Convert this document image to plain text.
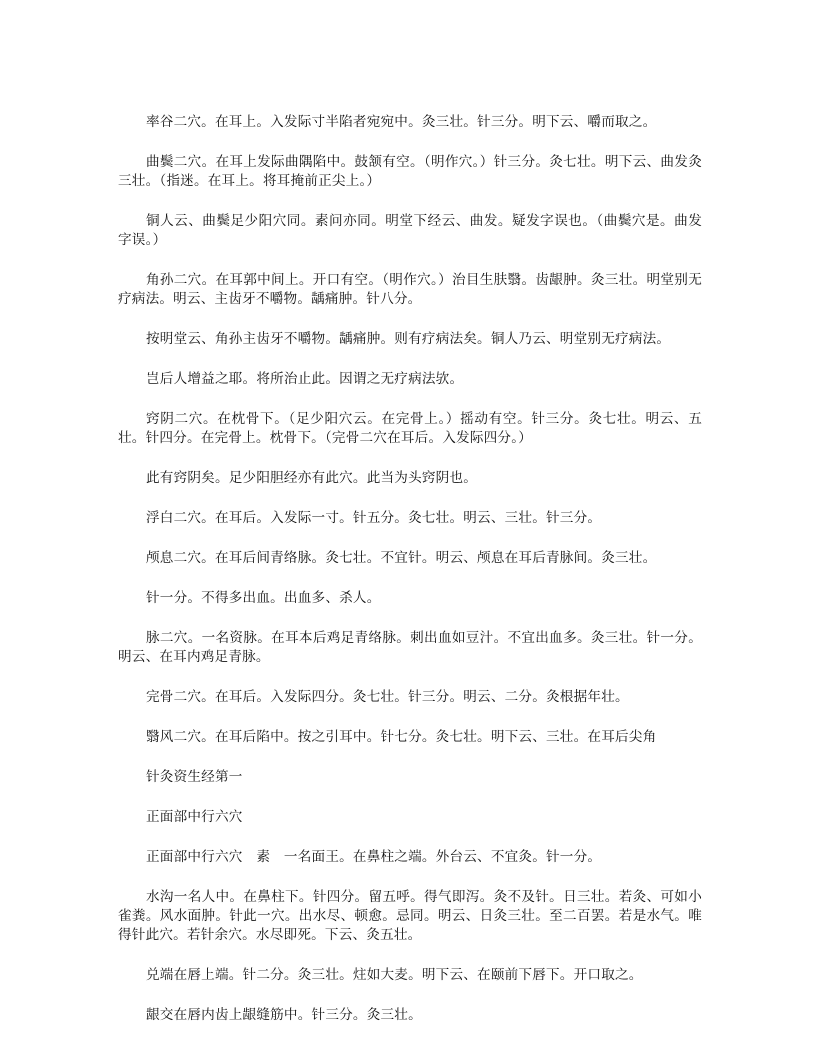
率谷二穴。在耳上。入发际寸半陷者宛宛中。灸三壮。针三分。明下云、嚼而取之。

曲鬓二穴。在耳上发际曲隅陷中。鼓颔有空。（明作穴。）针三分。灸七壮。明下云、曲发灸三壮。（指迷。在耳上。将耳掩前正尖上。）

铜人云、曲鬓足少阳穴同。素问亦同。明堂下经云、曲发。疑发字误也。（曲鬓穴是。曲发字误。）

角孙二穴。在耳郭中间上。开口有空。（明作穴。）治目生肤翳。齿龈肿。灸三壮。明堂别无疗病法。明云、主齿牙不嚼物。龋痛肿。针八分。

按明堂云、角孙主齿牙不嚼物。龋痛肿。则有疗病法矣。铜人乃云、明堂别无疗病法。

岂后人增益之耶。将所治止此。因谓之无疗病法欤。

窍阴二穴。在枕骨下。（足少阳穴云。在完骨上。）摇动有空。针三分。灸七壮。明云、五壮。针四分。在完骨上。枕骨下。（完骨二穴在耳后。入发际四分。）

此有窍阴矣。足少阳胆经亦有此穴。此当为头窍阴也。

浮白二穴。在耳后。入发际一寸。针五分。灸七壮。明云、三壮。针三分。

颅息二穴。在耳后间青络脉。灸七壮。不宜针。明云、颅息在耳后青脉间。灸三壮。

针一分。不得多出血。出血多、杀人。

脉二穴。一名资脉。在耳本后鸡足青络脉。刺出血如豆汁。不宜出血多。灸三壮。针一分。明云、在耳内鸡足青脉。

完骨二穴。在耳后。入发际四分。灸七壮。针三分。明云、二分。灸根据年壮。

翳风二穴。在耳后陷中。按之引耳中。针七分。灸七壮。明下云、三壮。在耳后尖角

针灸资生经第一

正面部中行六穴

正面部中行六穴　素　一名面王。在鼻柱之端。外台云、不宜灸。针一分。

水沟一名人中。在鼻柱下。针四分。留五呼。得气即泻。灸不及针。日三壮。若灸、可如小雀粪。风水面肿。针此一穴。出水尽、顿愈。忌同。明云、日灸三壮。至二百罢。若是水气。唯得针此穴。若针余穴。水尽即死。下云、灸五壮。

兑端在唇上端。针二分。灸三壮。炷如大麦。明下云、在颐前下唇下。开口取之。

龈交在唇内齿上龈缝筋中。针三分。灸三壮。
